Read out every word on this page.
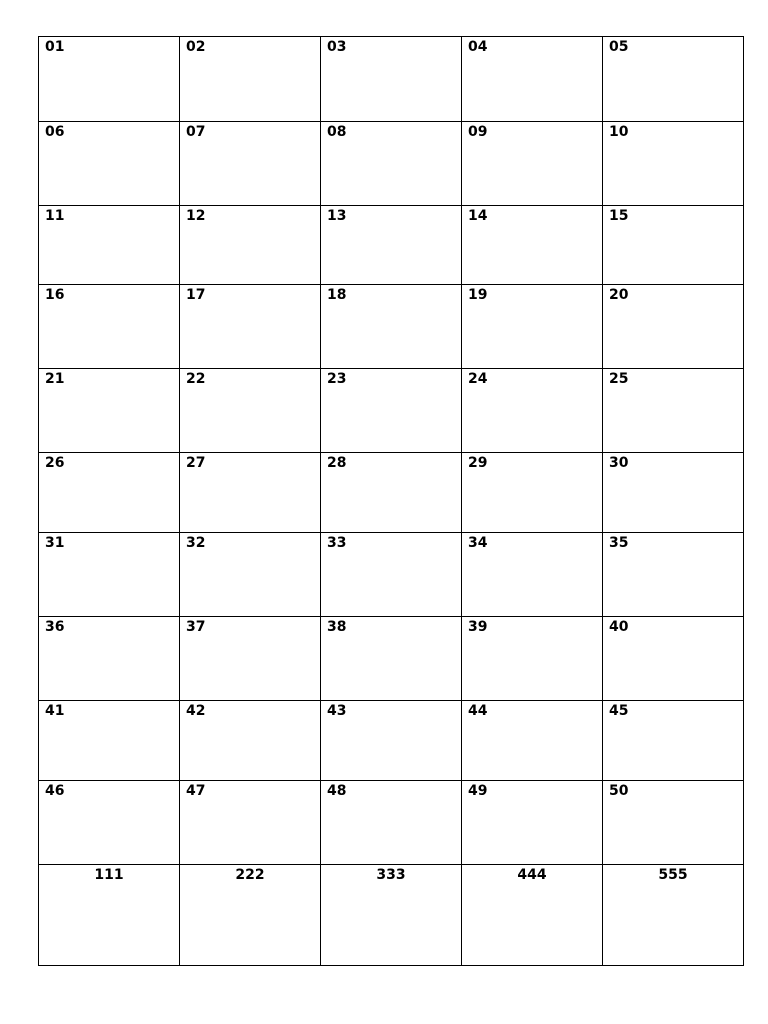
01	02	03	04	05

06	07	08	09	10

11	12	13	14	15

16	17	18	19	20

21	22	23	24	25

26	27	28	29	30

31	32	33	34	35

36	37	38	39	40

41	42	43	44	45

46	47	48	49	50

111	222	333	444	555
